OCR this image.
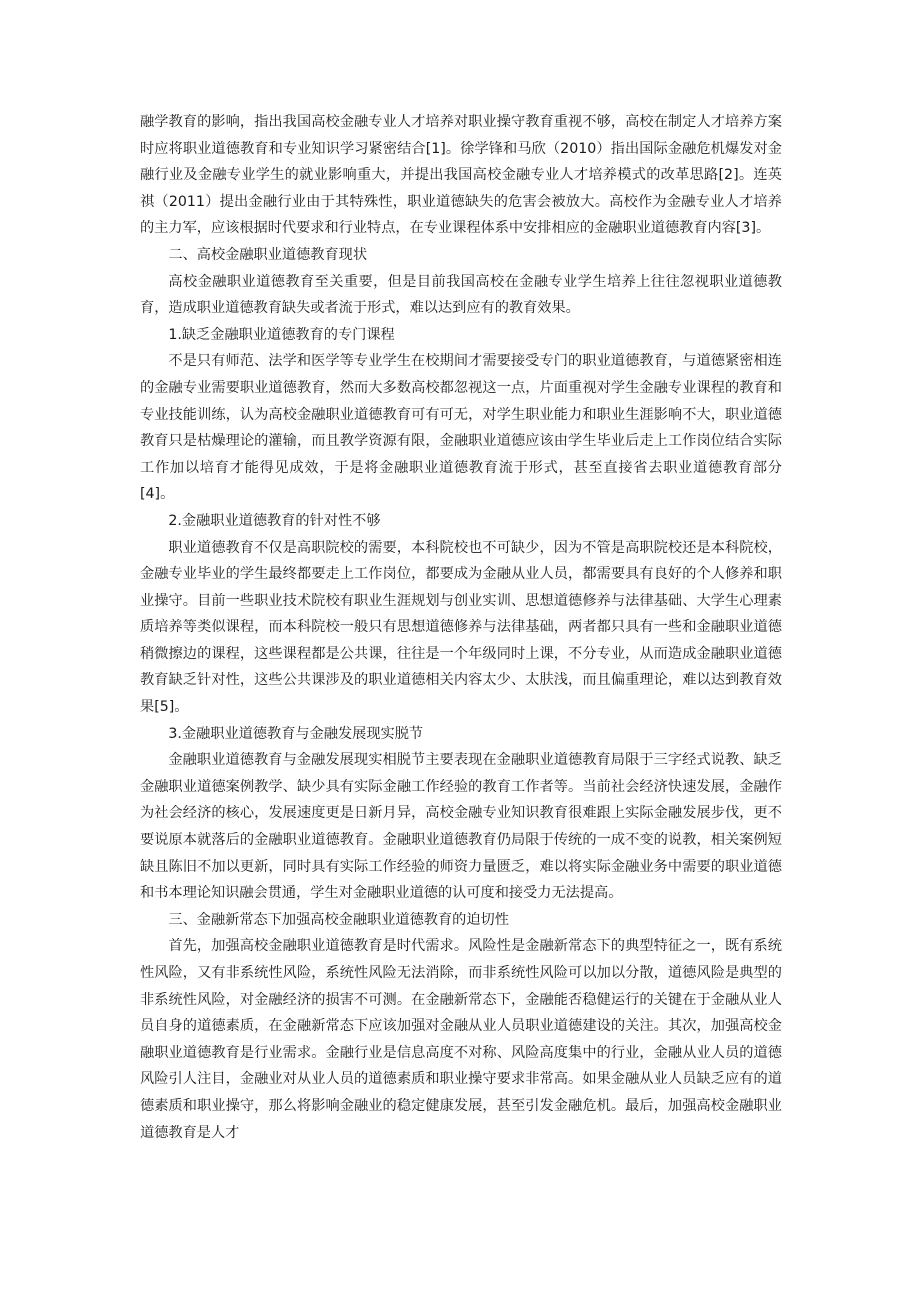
融学教育的影响，指出我国高校金融专业人才培养对职业操守教育重视不够，高校在制定人才培养方案时应将职业道德教育和专业知识学习紧密结合[1]。徐学锋和马欣（2010）指出国际金融危机爆发对金融行业及金融专业学生的就业影响重大，并提出我国高校金融专业人才培养模式的改革思路[2]。连英祺（2011）提出金融行业由于其特殊性，职业道德缺失的危害会被放大。高校作为金融专业人才培养的主力军，应该根据时代要求和行业特点，在专业课程体系中安排相应的金融职业道德教育内容[3]。

二、高校金融职业道德教育现状

高校金融职业道德教育至关重要，但是目前我国高校在金融专业学生培养上往往忽视职业道德教育，造成职业道德教育缺失或者流于形式，难以达到应有的教育效果。

1.缺乏金融职业道德教育的专门课程

不是只有师范、法学和医学等专业学生在校期间才需要接受专门的职业道德教育，与道德紧密相连的金融专业需要职业道德教育，然而大多数高校都忽视这一点，片面重视对学生金融专业课程的教育和专业技能训练，认为高校金融职业道德教育可有可无，对学生职业能力和职业生涯影响不大，职业道德教育只是枯燥理论的灌输，而且教学资源有限，金融职业道德应该由学生毕业后走上工作岗位结合实际工作加以培育才能得见成效，于是将金融职业道德教育流于形式，甚至直接省去职业道德教育部分[4]。

2.金融职业道德教育的针对性不够

职业道德教育不仅是高职院校的需要，本科院校也不可缺少，因为不管是高职院校还是本科院校，金融专业毕业的学生最终都要走上工作岗位，都要成为金融从业人员，都需要具有良好的个人修养和职业操守。目前一些职业技术院校有职业生涯规划与创业实训、思想道德修养与法律基础、大学生心理素质培养等类似课程，而本科院校一般只有思想道德修养与法律基础，两者都只具有一些和金融职业道德稍微擦边的课程，这些课程都是公共课，往往是一个年级同时上课，不分专业，从而造成金融职业道德教育缺乏针对性，这些公共课涉及的职业道德相关内容太少、太肤浅，而且偏重理论，难以达到教育效果[5]。

3.金融职业道德教育与金融发展现实脱节

金融职业道德教育与金融发展现实相脱节主要表现在金融职业道德教育局限于三字经式说教、缺乏金融职业道德案例教学、缺少具有实际金融工作经验的教育工作者等。当前社会经济快速发展，金融作为社会经济的核心，发展速度更是日新月异，高校金融专业知识教育很难跟上实际金融发展步伐，更不要说原本就落后的金融职业道德教育。金融职业道德教育仍局限于传统的一成不变的说教，相关案例短缺且陈旧不加以更新，同时具有实际工作经验的师资力量匮乏，难以将实际金融业务中需要的职业道德和书本理论知识融会贯通，学生对金融职业道德的认可度和接受力无法提高。

三、金融新常态下加强高校金融职业道德教育的迫切性

首先，加强高校金融职业道德教育是时代需求。风险性是金融新常态下的典型特征之一，既有系统性风险，又有非系统性风险，系统性风险无法消除，而非系统性风险可以加以分散，道德风险是典型的非系统性风险，对金融经济的损害不可测。在金融新常态下，金融能否稳健运行的关键在于金融从业人员自身的道德素质，在金融新常态下应该加强对金融从业人员职业道德建设的关注。其次，加强高校金融职业道德教育是行业需求。金融行业是信息高度不对称、风险高度集中的行业，金融从业人员的道德风险引人注目，金融业对从业人员的道德素质和职业操守要求非常高。如果金融从业人员缺乏应有的道德素质和职业操守，那么将影响金融业的稳定健康发展，甚至引发金融危机。最后，加强高校金融职业道德教育是人才
